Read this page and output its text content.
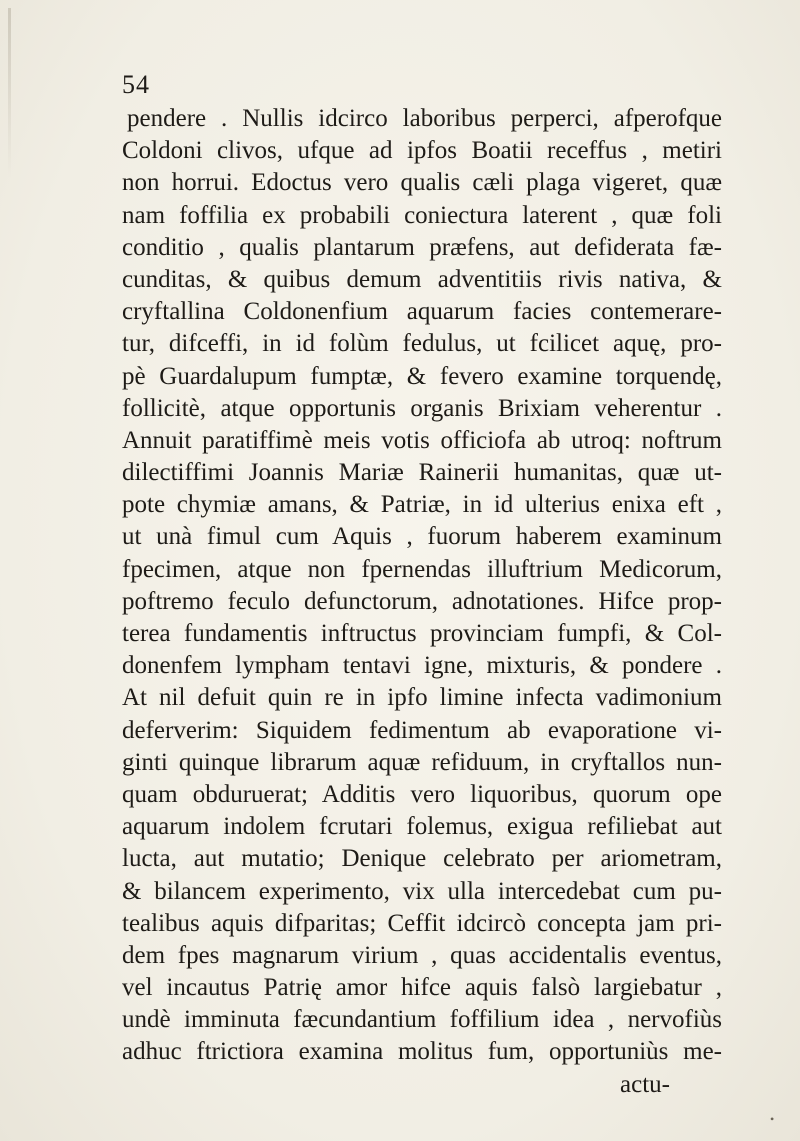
54
pendere . Nullis idcirco laboribus perperci, afperofque
Coldoni clivos, ufque ad ipfos Boatii receffus , metiri
non horrui. Edoctus vero qualis cæli plaga vigeret, quæ
nam foffilia ex probabili coniectura laterent , quæ foli
conditio , qualis plantarum præfens, aut defiderata fæ-
cunditas, & quibus demum adventitiis rivis nativa, &
cryftallina Coldonenfium aquarum facies contemerare-
tur, difceffi, in id folùm fedulus, ut fcilicet aquę, pro-
pè Guardalupum fumptæ, & fevero examine torquendę,
follicitè, atque opportunis organis Brixiam veherentur .
Annuit paratiffimè meis votis officiofa ab utroq: noftrum
dilectiffimi Joannis Mariæ Rainerii humanitas, quæ ut-
pote chymiæ amans, & Patriæ, in id ulterius enixa eft ,
ut unà fimul cum Aquis , fuorum haberem examinum
fpecimen, atque non fpernendas illuftrium Medicorum,
poftremo feculo defunctorum, adnotationes. Hifce prop-
terea fundamentis inftructus provinciam fumpfi, & Col-
donenfem lympham tentavi igne, mixturis, & pondere .
At nil defuit quin re in ipfo limine infecta vadimonium
deferverim: Siquidem fedimentum ab evaporatione vi-
ginti quinque librarum aquæ refiduum, in cryftallos nun-
quam obduruerat; Additis vero liquoribus, quorum ope
aquarum indolem fcrutari folemus, exigua refiliebat aut
lucta, aut mutatio; Denique celebrato per ariometram,
& bilancem experimento, vix ulla intercedebat cum pu-
tealibus aquis difparitas; Ceffit idcircò concepta jam pri-
dem fpes magnarum virium , quas accidentalis eventus,
vel incautus Patrię amor hifce aquis falsò largiebatur ,
undè imminuta fæcundantium foffilium idea , nervofiùs
adhuc ftrictiora examina molitus fum, opportuniùs me-
actu-
•
